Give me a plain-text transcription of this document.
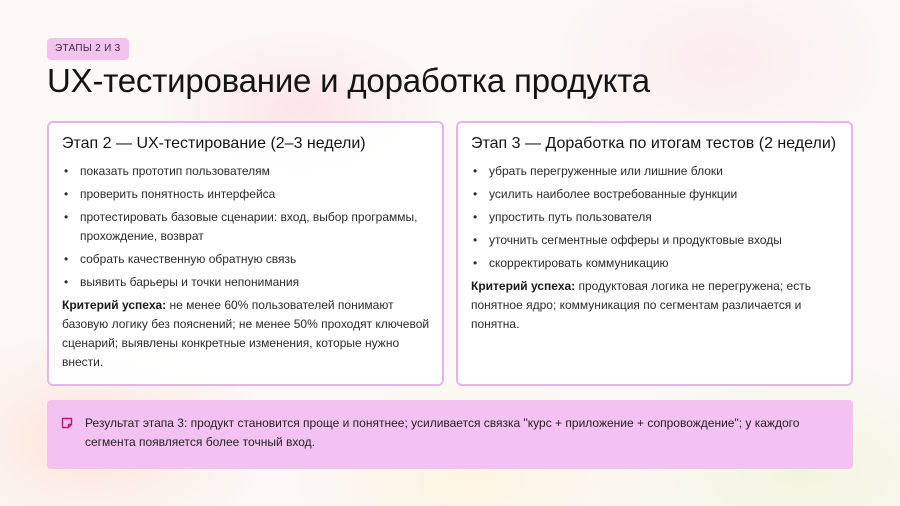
ЭТАПЫ 2 И 3
UX-тестирование и доработка продукта
Этап 2 — UX-тестирование (2–3 недели)
• показать прототип пользователям
• проверить понятность интерфейса
• протестировать базовые сценарии: вход, выбор программы, прохождение, возврат
• собрать качественную обратную связь
• выявить барьеры и точки непонимания

Критерий успеха: не менее 60% пользователей понимают базовую логику без пояснений; не менее 50% проходят ключевой сценарий; выявлены конкретные изменения, которые нужно внести.

Этап 3 — Доработка по итогам тестов (2 недели)
• убрать перегруженные или лишние блоки
• усилить наиболее востребованные функции
• упростить путь пользователя
• уточнить сегментные офферы и продуктовые входы
• скорректировать коммуникацию

Критерий успеха: продуктовая логика не перегружена; есть понятное ядро; коммуникация по сегментам различается и понятна.

Результат этапа 3: продукт становится проще и понятнее; усиливается связка "курс + приложение + сопровождение"; у каждого сегмента появляется более точный вход.
